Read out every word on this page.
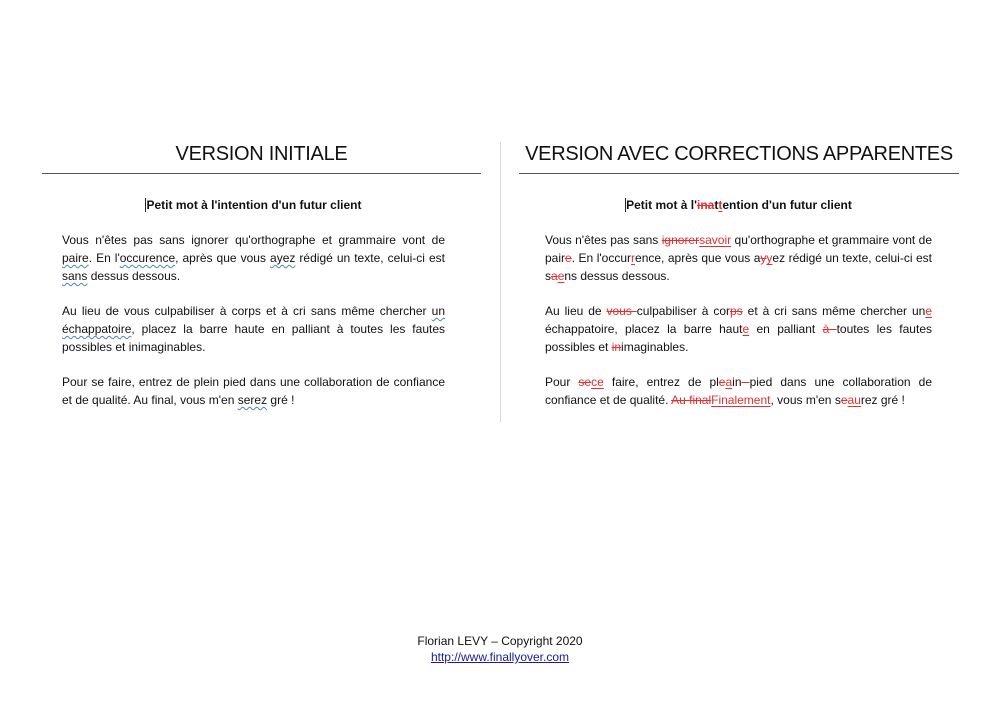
VERSION INITIALE

Petit mot à l'intention d'un futur client

Vous n'êtes pas sans ignorer qu'orthographe et grammaire vont de paire. En l'occurence, après que vous ayez rédigé un texte, celui-ci est sans dessus dessous.

Au lieu de vous culpabiliser à corps et à cri sans même chercher un échappatoire, placez la barre haute en palliant à toutes les fautes possibles et inimaginables.

Pour se faire, entrez de plein pied dans une collaboration de confiance et de qualité. Au final, vous m'en serez gré !

VERSION AVEC CORRECTIONS APPARENTES

Petit mot à l'inattention d'un futur client

Vous n'êtes pas sans ignorersavoir qu'orthographe et grammaire vont de paire. En l'occurrence, après que vous ayyez rédigé un texte, celui-ci est saens dessus dessous.

Au lieu de vous culpabiliser à corps et à cri sans même chercher une échappatoire, placez la barre haute en palliant à toutes les fautes possibles et inimaginables.

Pour sece faire, entrez de pleain pied dans une collaboration de confiance et de qualité. Au finalFinalement, vous m'en seaurez gré !

Florian LEVY – Copyright 2020
http://www.finallyover.com
